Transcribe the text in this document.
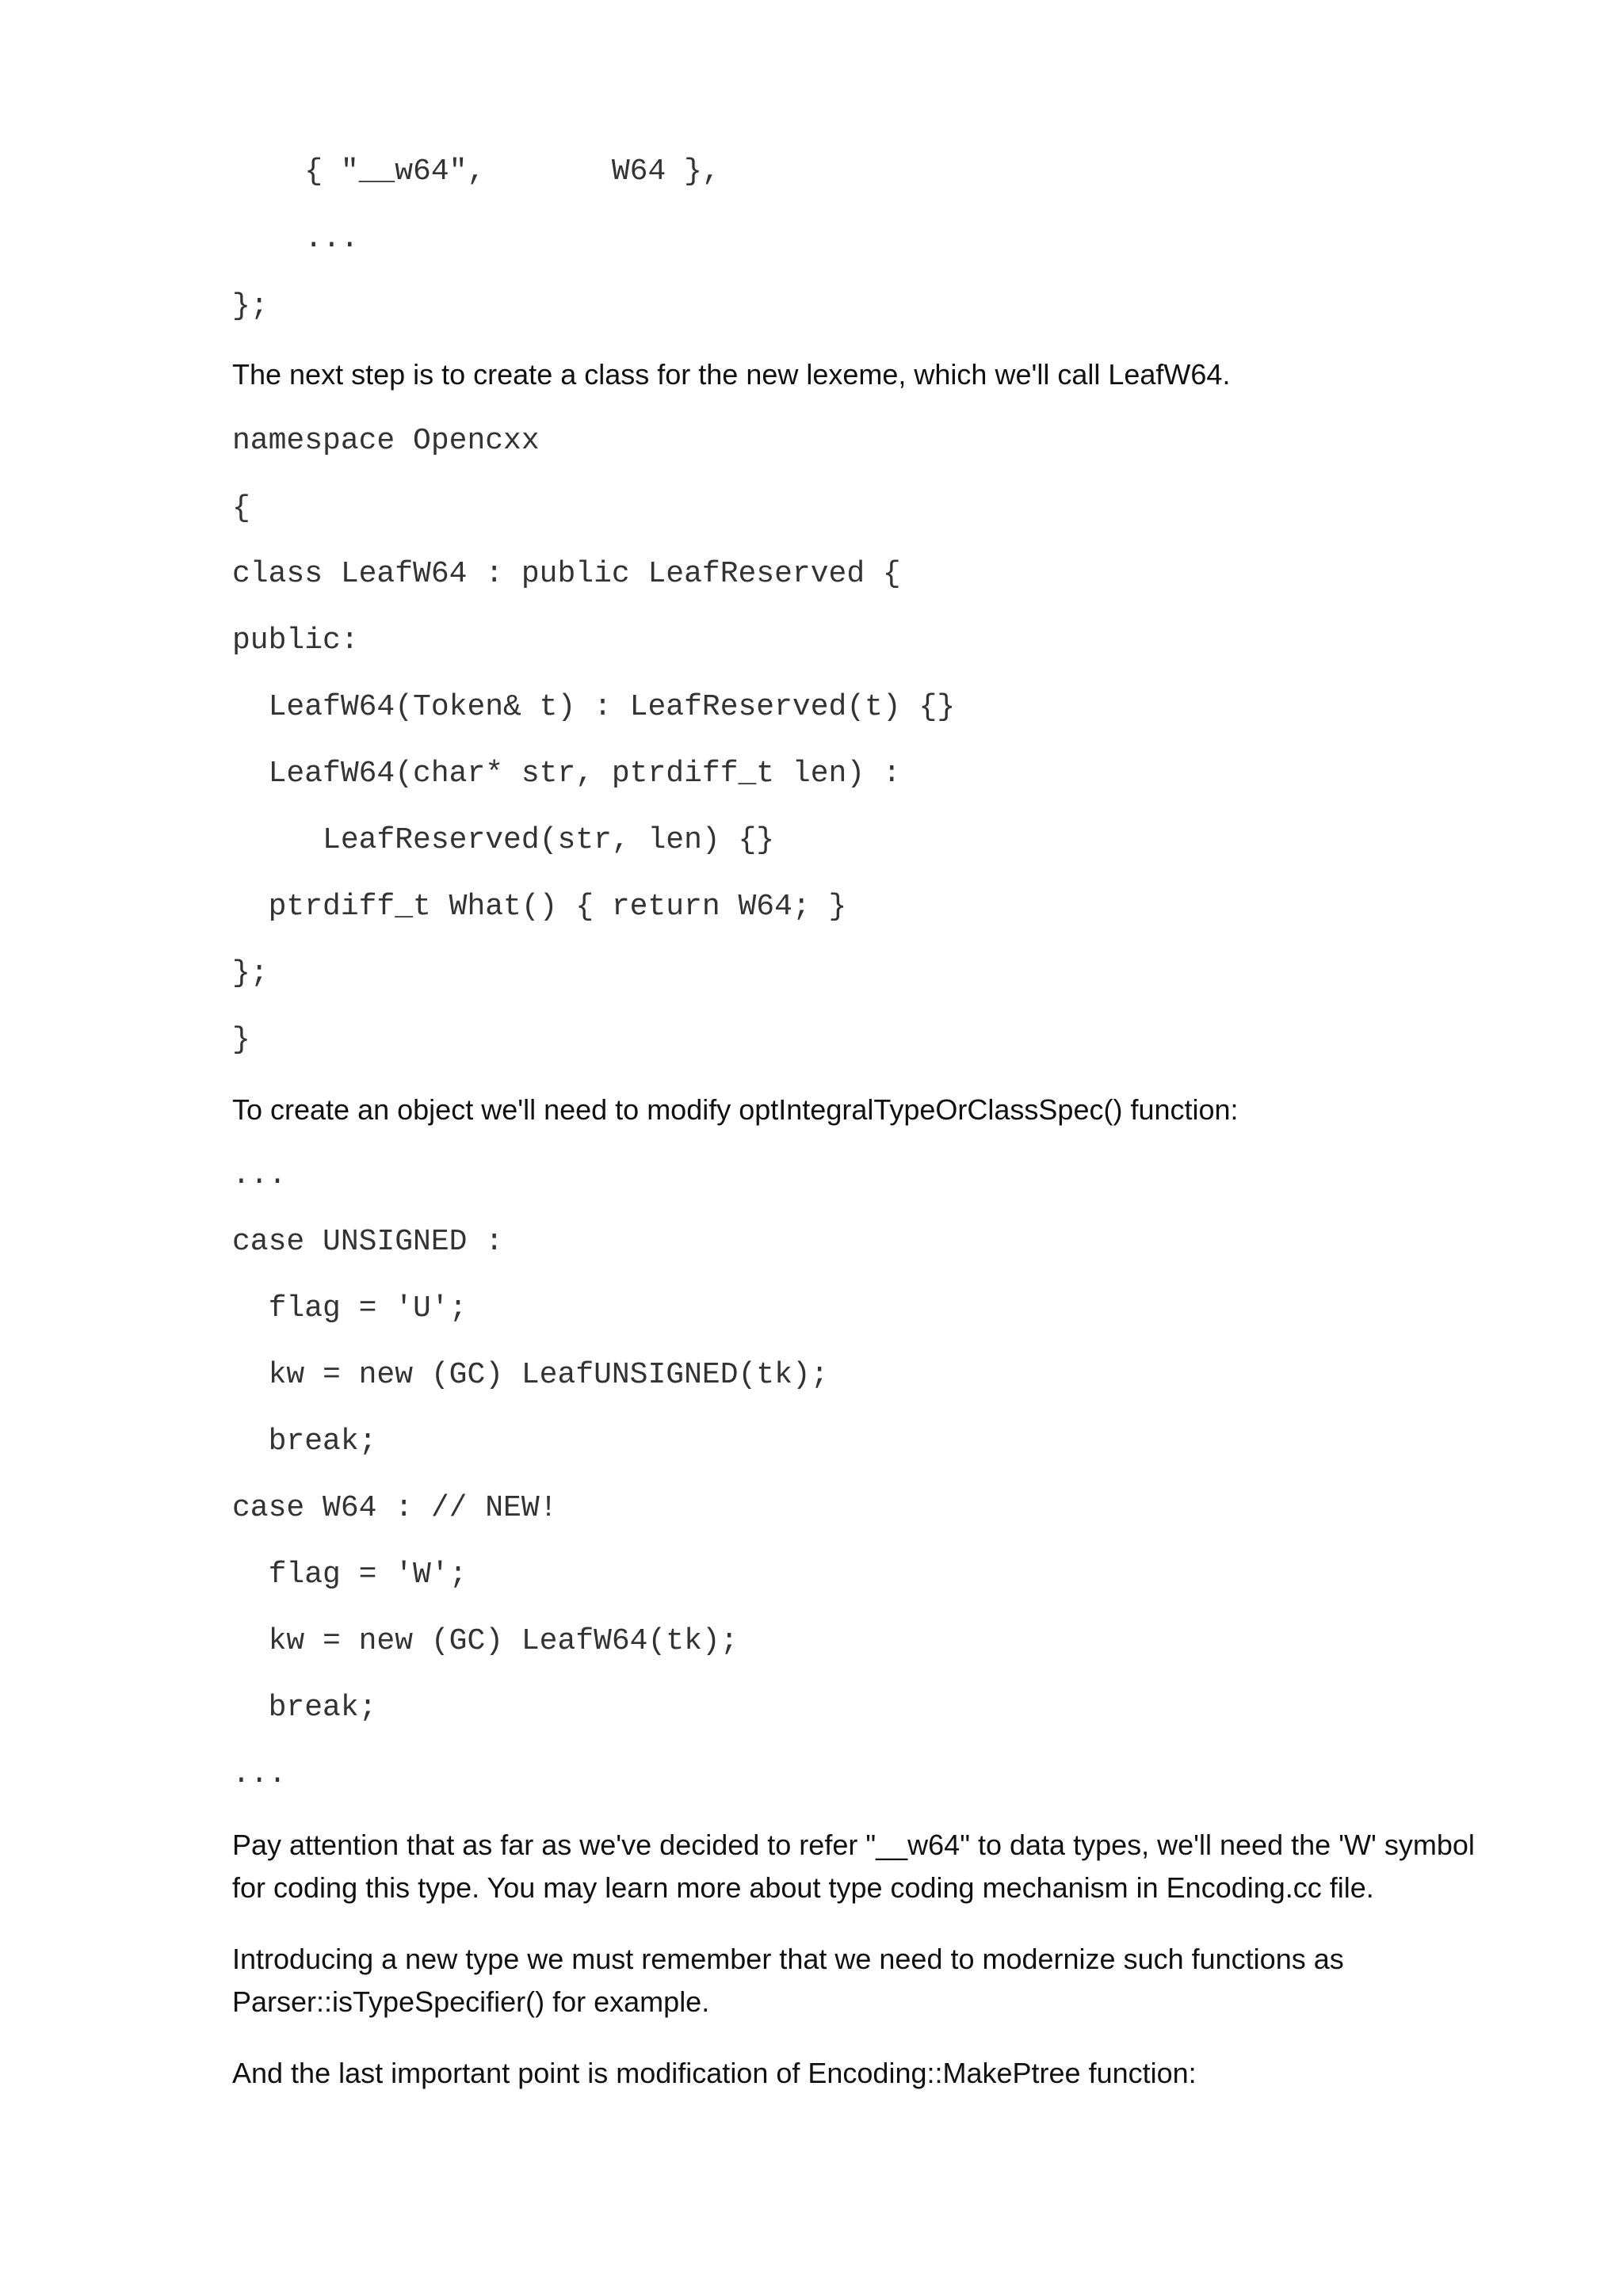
{ "__w64",       W64 },
...
};
The next step is to create a class for the new lexeme, which we'll call LeafW64.
namespace Opencxx
{
class LeafW64 : public LeafReserved {
public:
LeafW64(Token& t) : LeafReserved(t) {}
LeafW64(char* str, ptrdiff_t len) :
LeafReserved(str, len) {}
ptrdiff_t What() { return W64; }
};
}
To create an object we'll need to modify optIntegralTypeOrClassSpec() function:
...
case UNSIGNED :
flag = 'U';
kw = new (GC) LeafUNSIGNED(tk);
break;
case W64 : // NEW!
flag = 'W';
kw = new (GC) LeafW64(tk);
break;
...
Pay attention that as far as we've decided to refer "__w64" to data types, we'll need the 'W' symbol for coding this type. You may learn more about type coding mechanism in Encoding.cc file.
Introducing a new type we must remember that we need to modernize such functions as Parser::isTypeSpecifier() for example.
And the last important point is modification of Encoding::MakePtree function:
